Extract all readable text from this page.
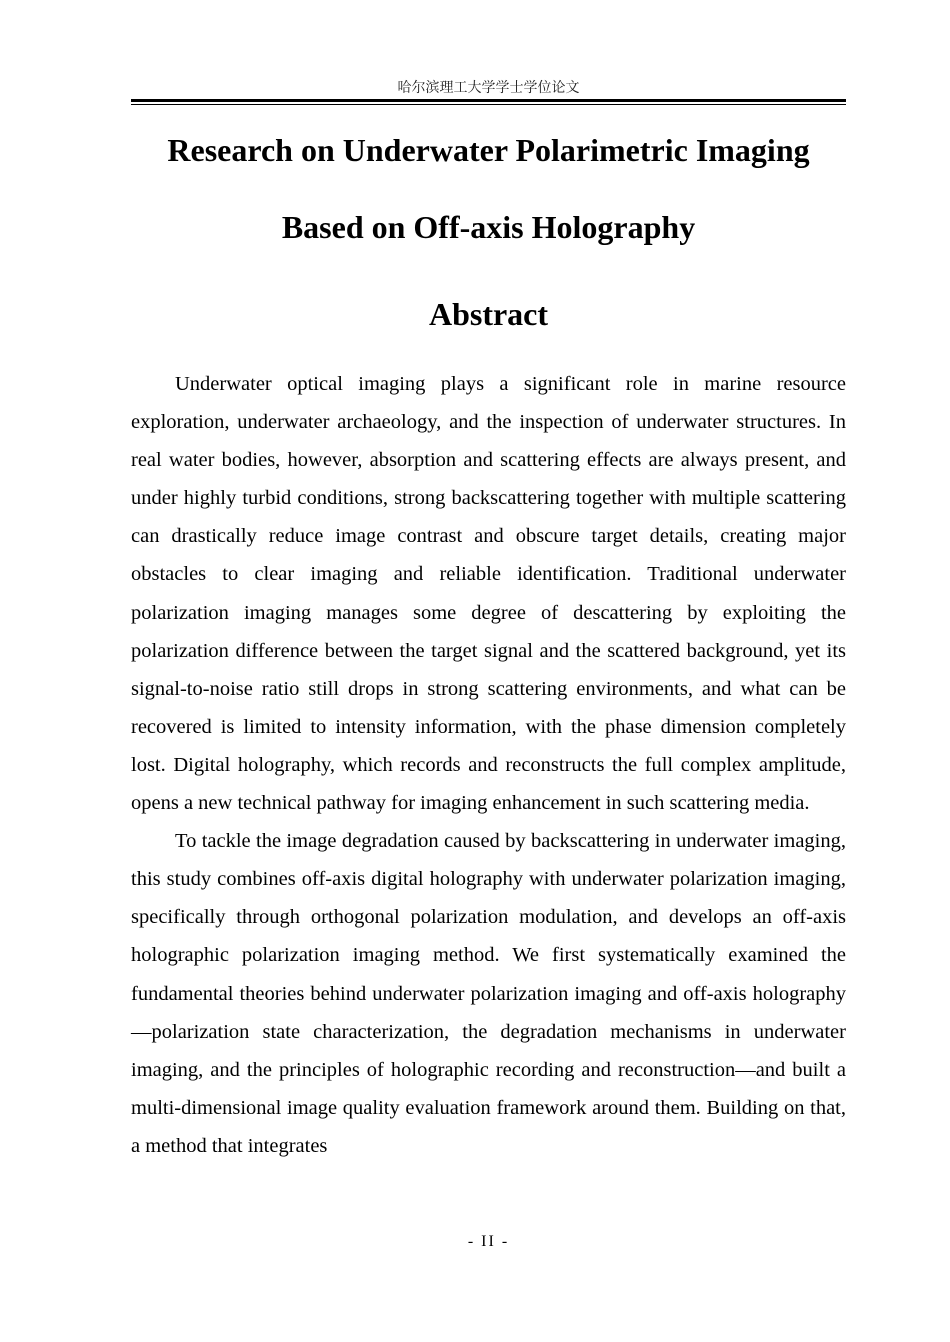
哈尔滨理工大学学士学位论文
Research on Underwater Polarimetric Imaging
Based on Off-axis Holography
Abstract

Underwater optical imaging plays a significant role in marine resource exploration, underwater archaeology, and the inspection of underwater structures. In real water bodies, however, absorption and scattering effects are always present, and under highly turbid conditions, strong backscattering together with multiple scattering can drastically reduce image contrast and obscure target details, creating major obstacles to clear imaging and reliable identification. Traditional underwater polarization imaging manages some degree of descattering by exploiting the polarization difference between the target signal and the scattered background, yet its signal-to-noise ratio still drops in strong scattering environments, and what can be recovered is limited to intensity information, with the phase dimension completely lost. Digital holography, which records and reconstructs the full complex amplitude, opens a new technical pathway for imaging enhancement in such scattering media.

To tackle the image degradation caused by backscattering in underwater imaging, this study combines off-axis digital holography with underwater polarization imaging, specifically through orthogonal polarization modulation, and develops an off-axis holographic polarization imaging method. We first systematically examined the fundamental theories behind underwater polarization imaging and off-axis holography—polarization state characterization, the degradation mechanisms in underwater imaging, and the principles of holographic recording and reconstruction—and built a multi-dimensional image quality evaluation framework around them. Building on that, a method that integrates

- II -
